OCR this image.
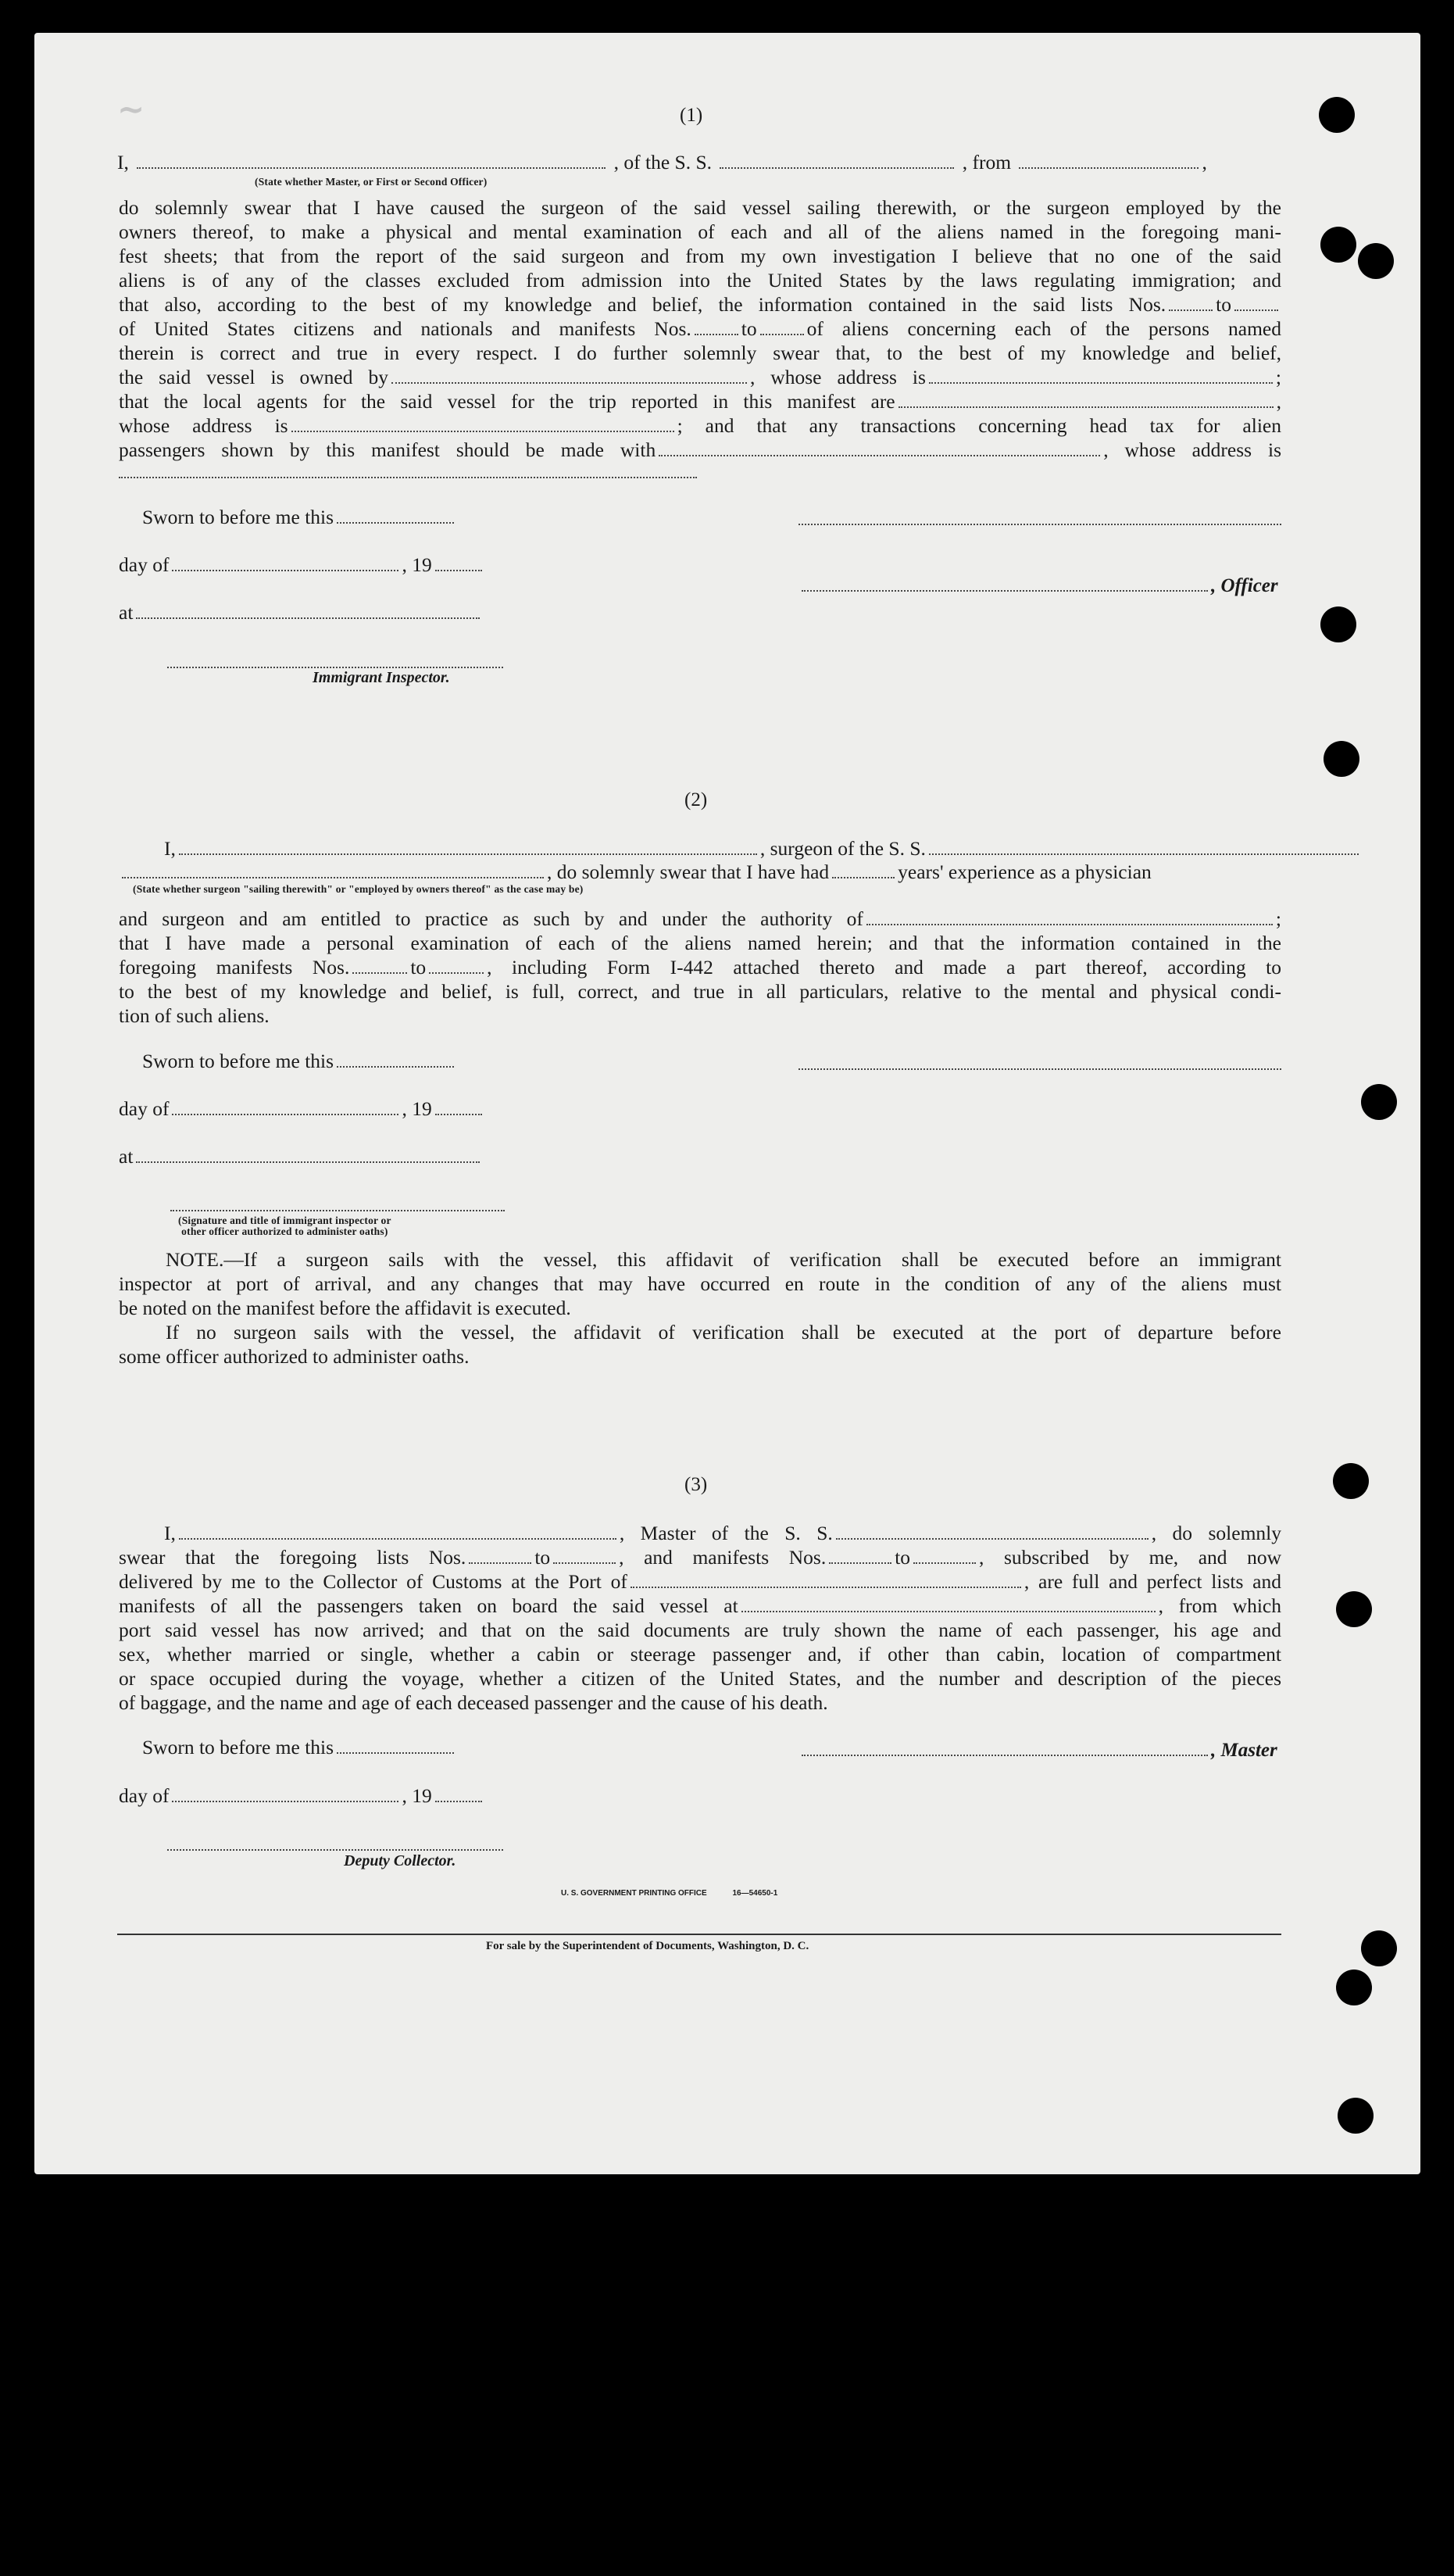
~	(1)
I,	, of the S. S.	, from	,
(State whether Master, or First or Second Officer)
do solemnly swear that I have caused the surgeon of the said vessel sailing therewith, or the surgeon employed by the
owners thereof, to make a physical and mental examination of each and all of the aliens named in the foregoing mani-
fest sheets; that from the report of the said surgeon and from my own investigation I believe that no one of the said
aliens is of any of the classes excluded from admission into the United States by the laws regulating immigration; and
that also, according to the best of my knowledge and belief, the information contained in the said lists Nos.	to
of United States citizens and nationals and manifests Nos.	to	of aliens concerning each of the persons named
therein is correct and true in every respect. I do further solemnly swear that, to the best of my knowledge and belief,
the said vessel is owned by	, whose address is	;
that the local agents for the said vessel for the trip reported in this manifest are	,
whose address is	; and that any transactions concerning head tax for alien
passengers shown by this manifest should be made with	, whose address is
Sworn to before me this
day of	, 19
, Officer
at
Immigrant Inspector.
(2)
I,	, surgeon of the S. S.
, do solemnly swear that I have had	years' experience as a physician
(State whether surgeon "sailing therewith" or "employed by owners thereof" as the case may be)
and surgeon and am entitled to practice as such by and under the authority of	;
that I have made a personal examination of each of the aliens named herein; and that the information contained in the
foregoing manifests Nos.	to	, including Form I-442 attached thereto and made a part thereof, according to
to the best of my knowledge and belief, is full, correct, and true in all particulars, relative to the mental and physical condi-
tion of such aliens.
Sworn to before me this
day of	, 19
at
(Signature and title of immigrant inspector or
other officer authorized to administer oaths)
NOTE.—If a surgeon sails with the vessel, this affidavit of verification shall be executed before an immigrant
inspector at port of arrival, and any changes that may have occurred en route in the condition of any of the aliens must
be noted on the manifest before the affidavit is executed.

If no surgeon sails with the vessel, the affidavit of verification shall be executed at the port of departure before
some officer authorized to administer oaths.
(3)
I,	, Master of the S. S.	, do solemnly
swear that the foregoing lists Nos.	to	, and manifests Nos.	to	, subscribed by me, and now
delivered by me to the Collector of Customs at the Port of	, are full and perfect lists and
manifests of all the passengers taken on board the said vessel at	, from which
port said vessel has now arrived; and that on the said documents are truly shown the name of each passenger, his age and
sex, whether married or single, whether a cabin or steerage passenger and, if other than cabin, location of compartment
or space occupied during the voyage, whether a citizen of the United States, and the number and description of the pieces
of baggage, and the name and age of each deceased passenger and the cause of his death.
Sworn to before me this	, Master
day of	, 19
Deputy Collector.
U. S. GOVERNMENT PRINTING OFFICE	16—54650-1
For sale by the Superintendent of Documents, Washington, D. C.
